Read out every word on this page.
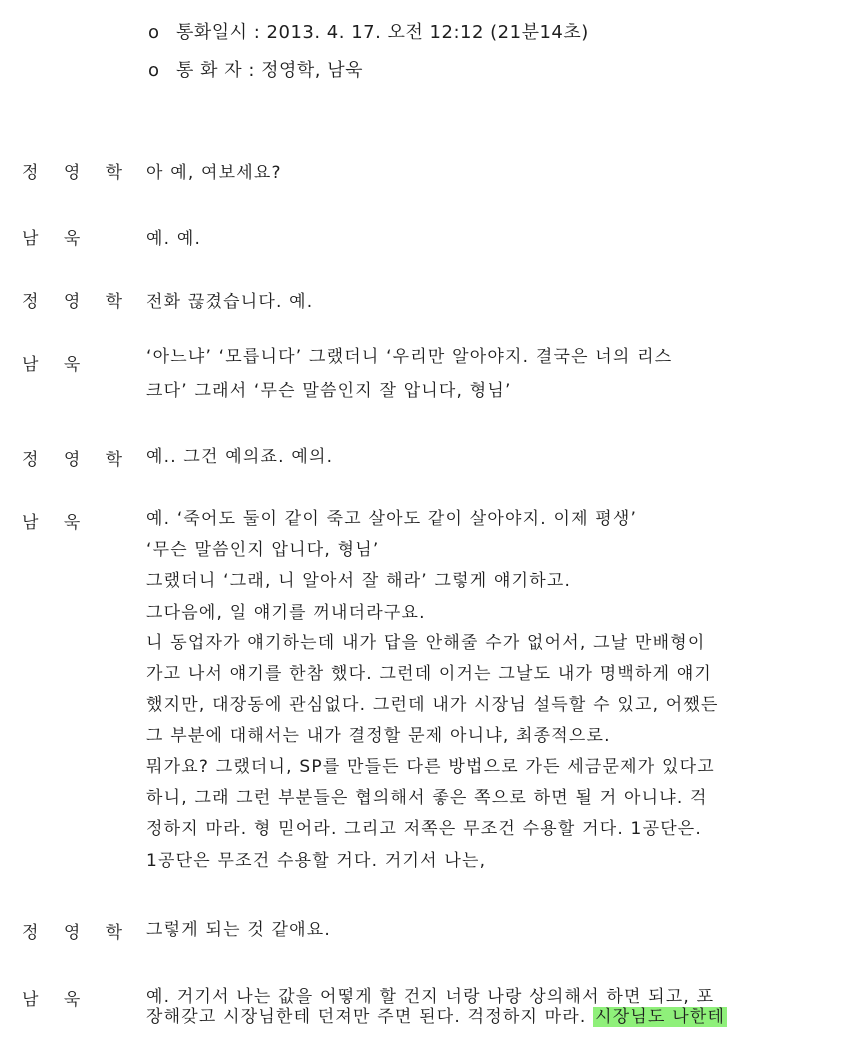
o 통화일시 : 2013. 4. 17. 오전 12:12 (21분14초)
o 통 화 자 : 정영학, 남욱
정 영 학 아 예, 여보세요?
남 욱	예. 예.
정 영 학 전화 끊겼습니다. 예.
남 욱	‘아느냐’ ‘모릅니다’ 그랬더니 ‘우리만 알아야지. 결국은 너의 리스
크다’ 그래서 ‘무슨 말씀인지 잘 압니다, 형님’
정 영 학 예.. 그건 예의죠. 예의.
남 욱	예. ‘죽어도 둘이 같이 죽고 살아도 같이 살아야지. 이제 평생’
‘무슨 말씀인지 압니다, 형님’
그랬더니 ‘그래, 니 알아서 잘 해라’ 그렇게 얘기하고.
그다음에, 일 얘기를 꺼내더라구요.
니 동업자가 얘기하는데 내가 답을 안해줄 수가 없어서, 그날 만배형이
가고 나서 얘기를 한참 했다. 그런데 이거는 그날도 내가 명백하게 얘기
했지만, 대장동에 관심없다. 그런데 내가 시장님 설득할 수 있고, 어쨌든
그 부분에 대해서는 내가 결정할 문제 아니냐, 최종적으로.
뭐가요? 그랬더니, SP를 만들든 다른 방법으로 가든 세금문제가 있다고
하니, 그래 그런 부분들은 협의해서 좋은 쪽으로 하면 될 거 아니냐. 걱
정하지 마라. 형 믿어라. 그리고 저쪽은 무조건 수용할 거다. 1공단은.
1공단은 무조건 수용할 거다. 거기서 나는,
정 영 학 그렇게 되는 것 같애요.
남 욱	예. 거기서 나는 값을 어떻게 할 건지 너랑 나랑 상의해서 하면 되고, 포
장해갖고 시장님한테 던져만 주면 된다. 걱정하지 마라. 시장님도 나한테
